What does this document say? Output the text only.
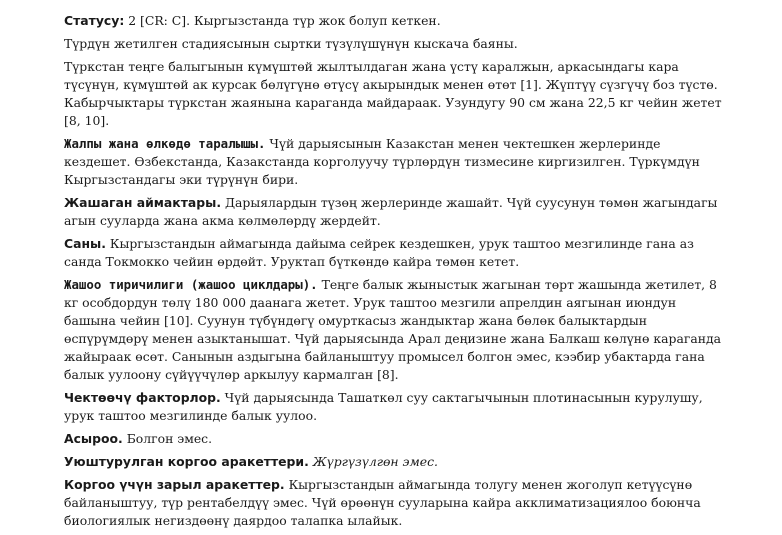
Статусу: 2 [CR: C]. Кыргызстанда түр жок болуп кеткен.

Түрдүн жетилген стадиясынын сыртки түзүлүшүнүн кыскача баяны.

Түркстан теңге балыгынын күмүштөй жылтылдаган жана үстү каралжын, аркасындагы кара түсүнүн, күмүштөй ак курсак бөлүгүнө өтүсү акырындык менен өтөт [1]. Жүптүү сүзгүчү боз түстө. Кабырчыктары түркстан жаянына караганда майдараак. Узундугу 90 см жана 22,5 кг чейин жетет [8, 10].

Жалпы жана өлкөдө таралышы. Чүй дарыясынын Казакстан менен чектешкен жерлеринде кездешет. Өзбекстанда, Казакстанда корголуучу түрлөрдүн тизмесине киргизилген. Түркүмдүн Кыргызстандагы эки түрүнүн бири.

Жашаган аймактары. Дарыялардын түзөң жерлеринде жашайт. Чүй суусунун төмөн жагындагы агын сууларда жана акма көлмөлөрдү жердейт.

Саны. Кыргызстандын аймагында дайыма сейрек кездешкен, урук таштоо мезгилинде гана аз санда Токмокко чейин өрдөйт. Уруктап бүткөндө кайра төмөн кетет.

Жашоо тиричилиги (жашоо циклдары). Теңге балык жыныстык жагынан төрт жашында жетилет, 8 кг особдордун төлү 180 000 даанага жетет. Урук таштоо мезгили апрелдин аягынан июндун башына чейин [10]. Суунун түбүндөгү омурткасыз жандыктар жана бөлөк балыктардын өспүрүмдөрү менен азыктанышат. Чүй дарыясында Арал деңизине жана Балкаш көлүнө караганда жайыраак өсөт. Санынын аздыгына байланыштуу промысел болгон эмес, кээбир убактарда гана балык уулоону сүйүүчүлөр аркылуу кармалган [8].

Чектөөчү факторлор. Чүй дарыясында Ташаткөл суу сактагычынын плотинасынын курулушу, урук таштоо мезгилинде балык уулоо.

Асыроо. Болгон эмес.

Уюштурулган коргоо аракеттери. Жүргүзүлгөн эмес.

Коргоо үчүн зарыл аракеттер. Кыргызстандын аймагында толугу менен жоголуп кетүүсүнө байланыштуу, түр рентабелдүү эмес. Чүй өрөөнүн сууларына кайра акклиматизациялоо боюнча биологиялык негиздөөнү даярдоо талапка ылайык.
